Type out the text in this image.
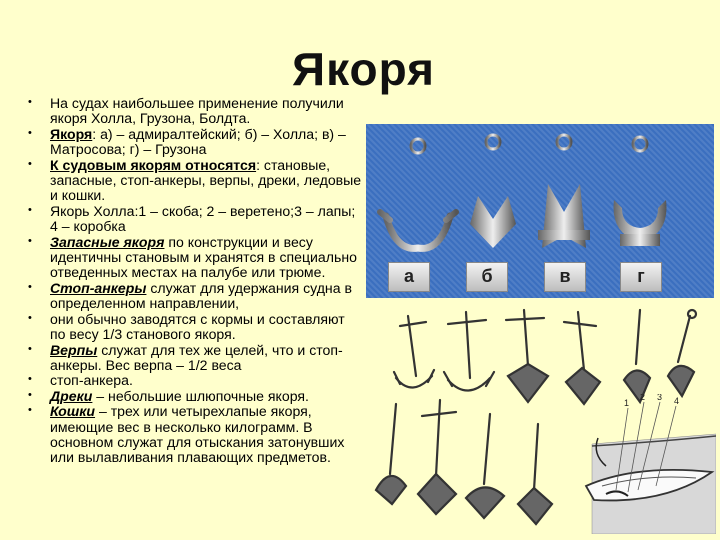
Якоря
• На судах наибольшее применение получили якоря Холла, Грузона, Болдта.
• Якоря: а) – адмиралтейский; б) – Холла; в) – Матросова; г) – Грузона
• К судовым якорям относятся: становые, запасные, стоп-анкеры, верпы, дреки, ледовые и кошки.
• Якорь Холла:1 – скоба; 2 – веретено;3 – лапы; 4 – коробка
• Запасные якоря по конструкции и весу идентичны становым и хранятся в специально отведенных местах на палубе или трюме.
• Стоп-анкеры служат для удержания судна в определенном направлении,
• они обычно заводятся с кормы и составляют по весу 1/3 станового якоря.
• Верпы служат для тех же целей, что и стоп-анкеры. Вес верпа – 1/2 веса
• стоп-анкера.
• Дреки – небольшие шлюпочные якоря.
• Кошки – трех или четырехлапые якоря, имеющие вес в несколько килограмм. В основном служат для отыскания затонувших или вылавливания плавающих предметов.
а	б	в	г
1
2 3 4
